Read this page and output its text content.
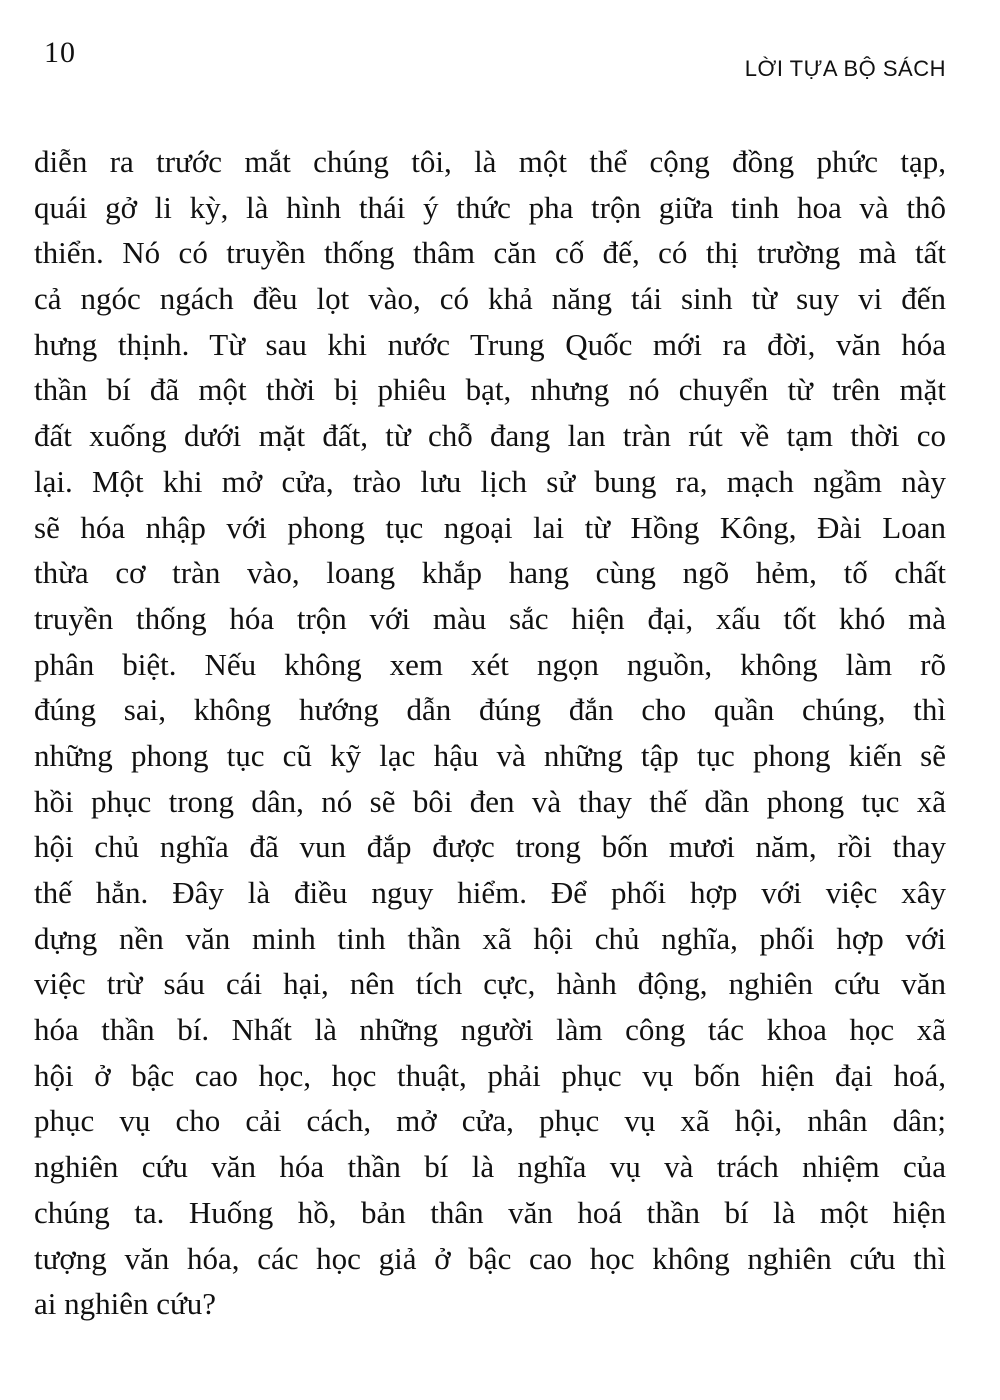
10	LỜI TỰA BỘ SÁCH
diễn ra trước mắt chúng tôi, là một thể cộng đồng phức tạp,
quái gở li kỳ, là hình thái ý thức pha trộn giữa tinh hoa và thô
thiển. Nó có truyền thống thâm căn cố đế, có thị trường mà tất
cả ngóc ngách đều lọt vào, có khả năng tái sinh từ suy vi đến
hưng thịnh. Từ sau khi nước Trung Quốc mới ra đời, văn hóa
thần bí đã một thời bị phiêu bạt, nhưng nó chuyển từ trên mặt
đất xuống dưới mặt đất, từ chỗ đang lan tràn rút về tạm thời co
lại. Một khi mở cửa, trào lưu lịch sử bung ra, mạch ngầm này
sẽ hóa nhập với phong tục ngoại lai từ Hồng Kông, Đài Loan
thừa cơ tràn vào, loang khắp hang cùng ngõ hẻm, tố chất
truyền thống hóa trộn với màu sắc hiện đại, xấu tốt khó mà
phân biệt. Nếu không xem xét ngọn nguồn, không làm rõ
đúng sai, không hướng dẫn đúng đắn cho quần chúng, thì
những phong tục cũ kỹ lạc hậu và những tập tục phong kiến sẽ
hồi phục trong dân, nó sẽ bôi đen và thay thế dần phong tục xã
hội chủ nghĩa đã vun đắp được trong bốn mươi năm, rồi thay
thế hẳn. Đây là điều nguy hiểm. Để phối hợp với việc xây
dựng nền văn minh tinh thần xã hội chủ nghĩa, phối hợp với
việc trừ sáu cái hại, nên tích cực, hành động, nghiên cứu văn
hóa thần bí. Nhất là những người làm công tác khoa học xã
hội ở bậc cao học, học thuật, phải phục vụ bốn hiện đại hoá,
phục vụ cho cải cách, mở cửa, phục vụ xã hội, nhân dân;
nghiên cứu văn hóa thần bí là nghĩa vụ và trách nhiệm của
chúng ta. Huống hồ, bản thân văn hoá thần bí là một hiện
tượng văn hóa, các học giả ở bậc cao học không nghiên cứu thì
ai nghiên cứu?
